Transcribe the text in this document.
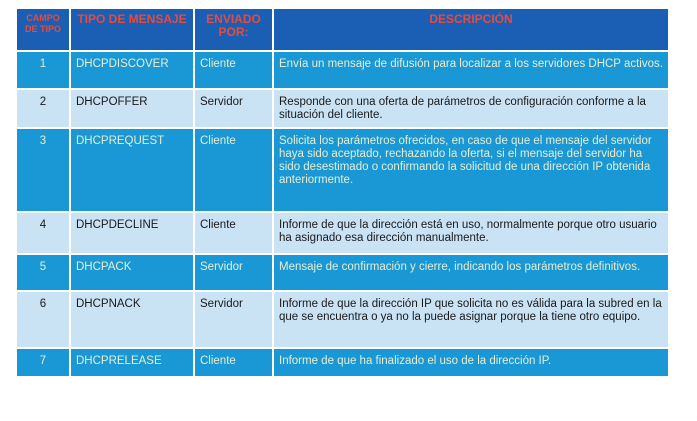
CAMPO DE TIPO	TIPO DE MENSAJE	ENVIADO POR:	DESCRIPCIÓN
1	DHCPDISCOVER	Cliente	Envía un mensaje de difusión para localizar a los servidores DHCP activos.
2	DHCPOFFER	Servidor	Responde con una oferta de parámetros de configuración conforme a la situación del cliente.
3	DHCPREQUEST	Cliente	Solicita los parámetros ofrecidos, en caso de que el mensaje del servidor haya sido aceptado, rechazando la oferta, si el mensaje del servidor ha sido desestimado o confirmando la solicitud de una dirección IP obtenida anteriormente.
4	DHCPDECLINE	Cliente	Informe de que la dirección está en uso, normalmente porque otro usuario ha asignado esa dirección manualmente.
5	DHCPACK	Servidor	Mensaje de confirmación y cierre, indicando los parámetros definitivos.
6	DHCPNACK	Servidor	Informe de que la dirección IP que solicita no es válida para la subred en la que se encuentra o ya no la puede asignar porque la tiene otro equipo.
7	DHCPRELEASE	Cliente	Informe de que ha finalizado el uso de la dirección IP.
